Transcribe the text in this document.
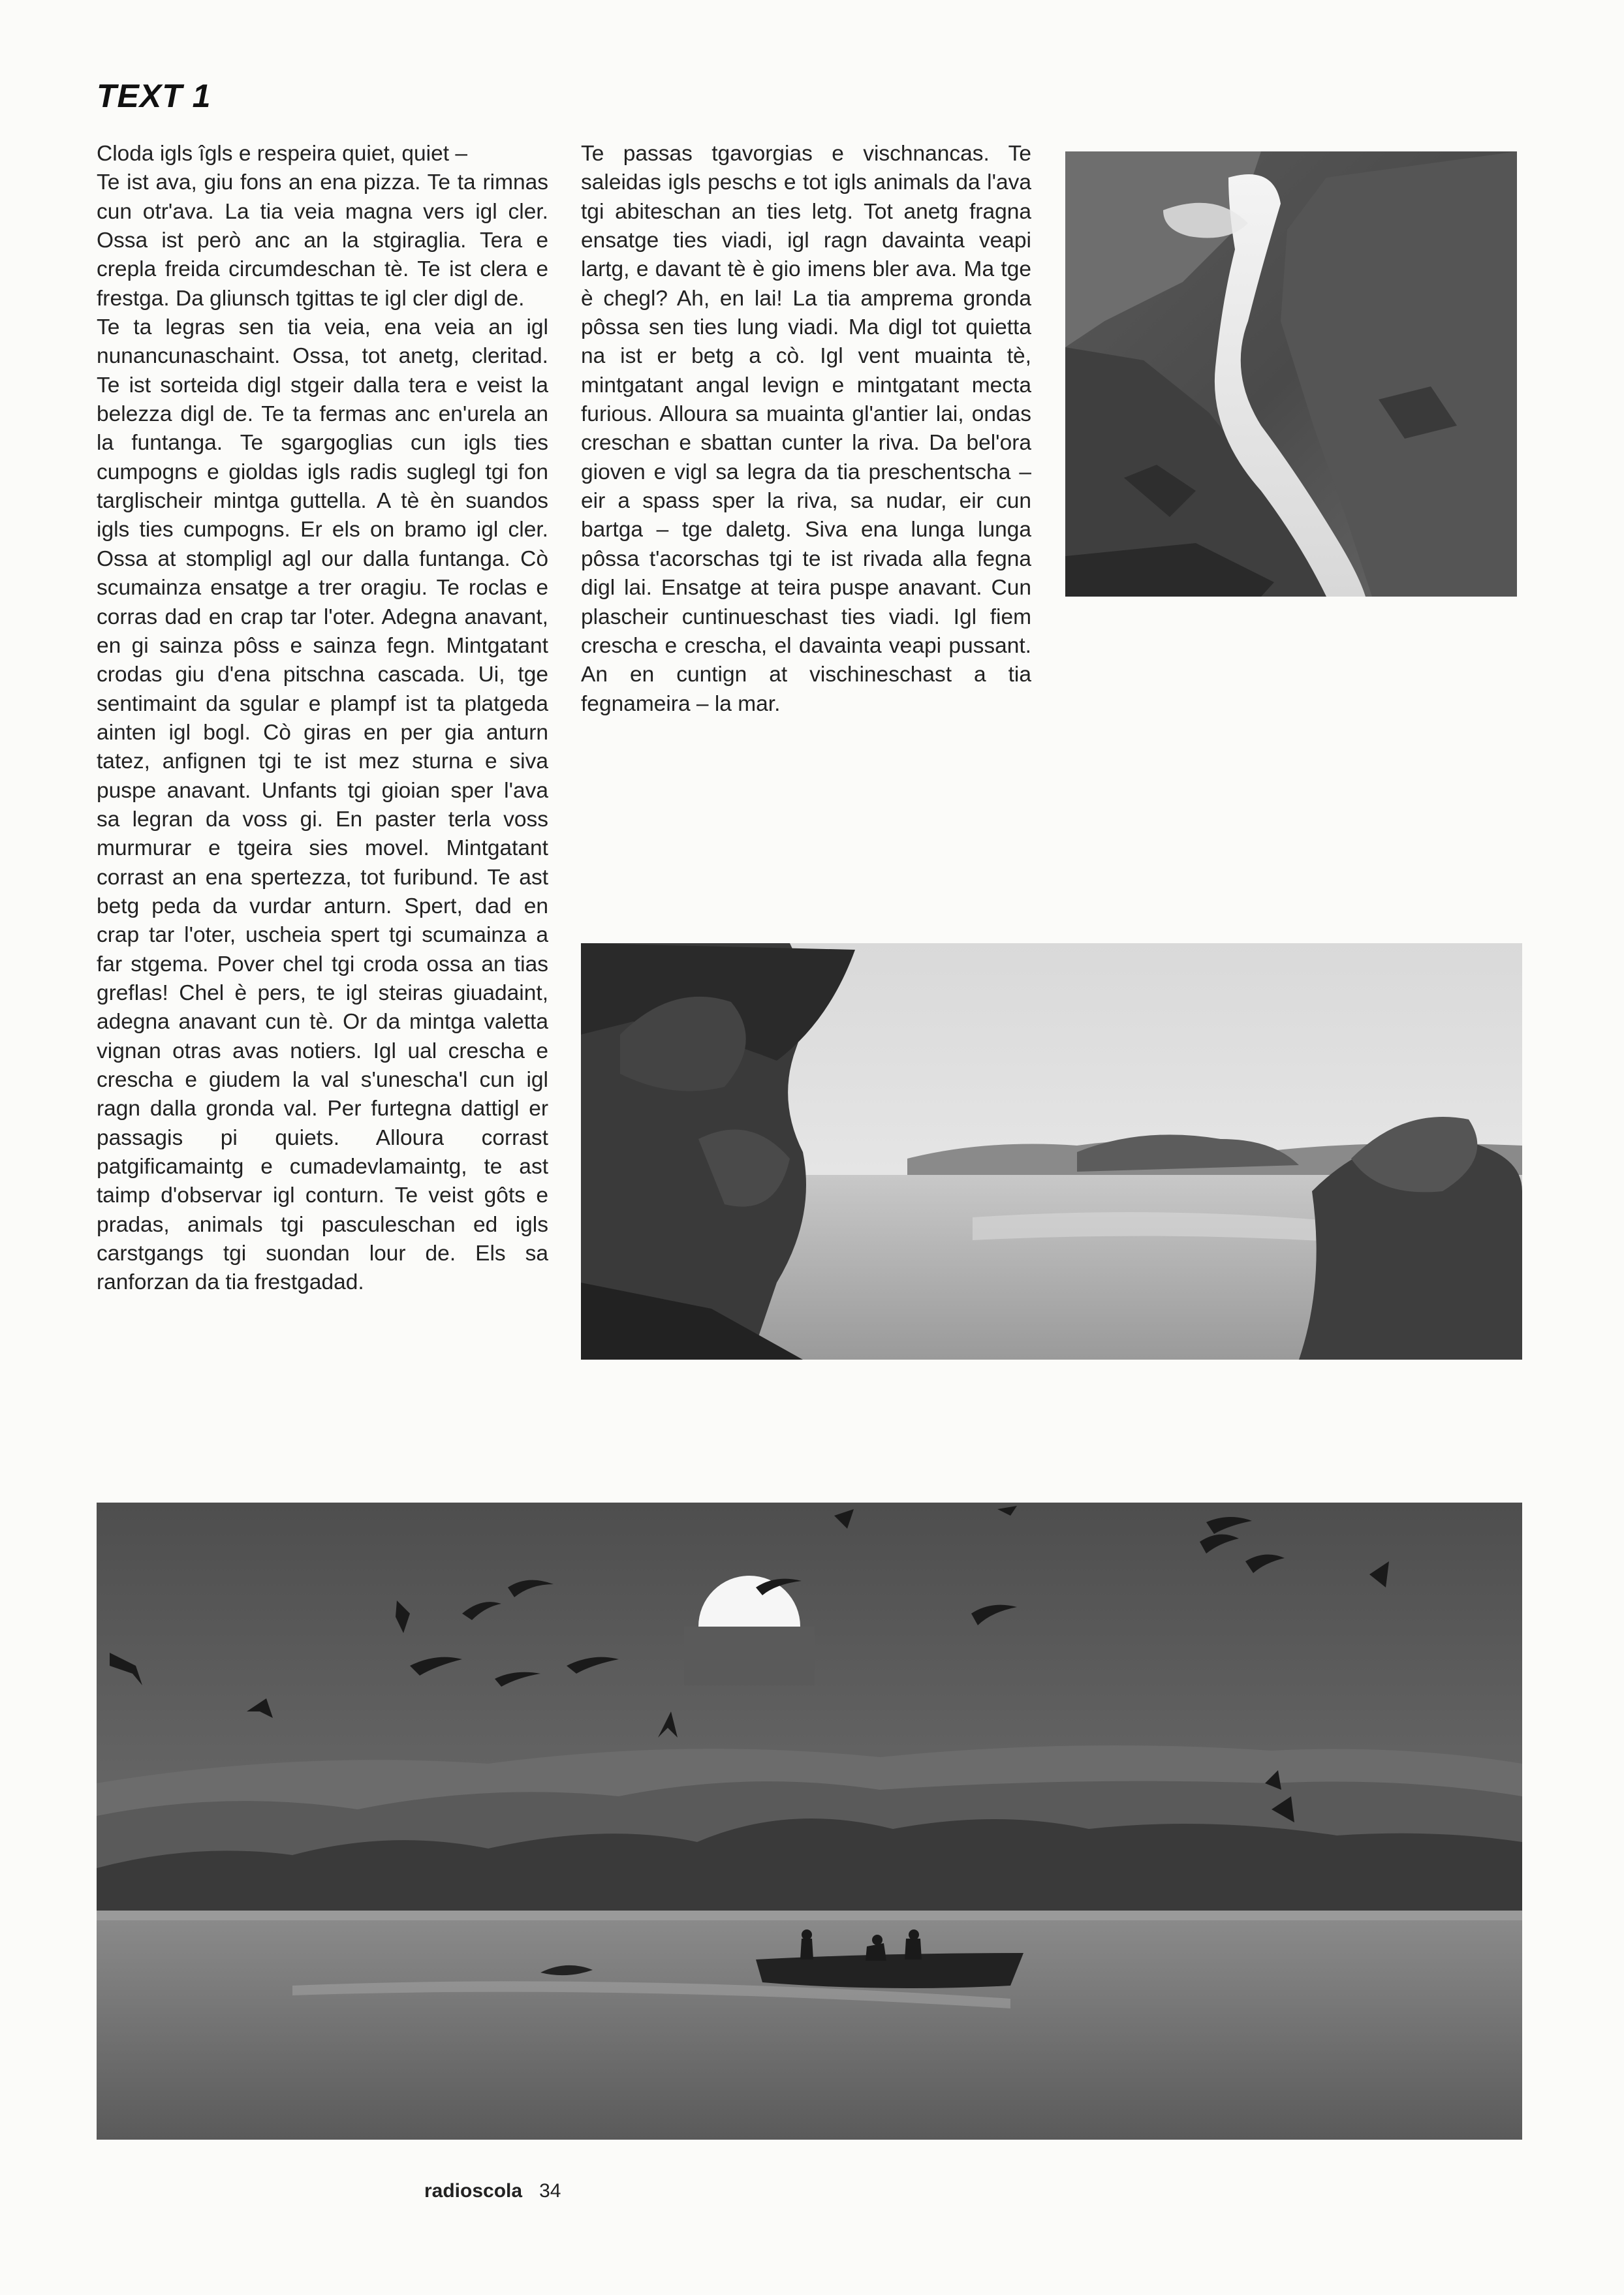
TEXT 1
Cloda igls îgls e respeira quiet, quiet –
Te ist ava, giu fons an ena pizza. Te ta rimnas cun otr'ava. La tia veia magna vers igl cler. Ossa ist però anc an la stgiraglia. Tera e crepla freida circumdeschan tè. Te ist clera e frestga. Da gliunsch tgittas te igl cler digl de.
Te ta legras sen tia veia, ena veia an igl nunancunaschaint. Ossa, tot anetg, cleritad. Te ist sorteida digl stgeir dalla tera e veist la belezza digl de. Te ta fermas anc en'urela an la funtanga. Te sgargoglias cun igls ties cumpogns e gioldas igls radis suglegl tgi fon targlischeir mintga guttella. A tè èn suandos igls ties cumpogns. Er els on bramo igl cler. Ossa at stompligl agl our dalla funtanga. Cò scumainza ensatge a trer oragiu. Te roclas e corras dad en crap tar l'oter. Adegna anavant, en gi sainza pôss e sainza fegn. Mintgatant crodas giu d'ena pitschna cascada. Ui, tge sentimaint da sgular e plampf ist ta platgeda ainten igl bogl. Cò giras en per gia anturn tatez, anfignen tgi te ist mez sturna e siva puspe anavant. Unfants tgi gioian sper l'ava sa legran da voss gi. En paster terla voss murmurar e tgeira sies movel. Mintgatant corrast an ena spertezza, tot furibund. Te ast betg peda da vurdar anturn. Spert, dad en crap tar l'oter, uscheia spert tgi scumainza a far stgema. Pover chel tgi croda ossa an tias greflas! Chel è pers, te igl steiras giuadaint, adegna anavant cun tè. Or da mintga valetta vignan otras avas notiers. Igl ual crescha e crescha e giudem la val s'unescha'l cun igl ragn dalla gronda val. Per furtegna dattigl er passagis pi quiets. Alloura corrast patgificamaintg e cumadevlamaintg, te ast taimp d'observar igl conturn. Te veist gôts e pradas, animals tgi pasculeschan ed igls carstgangs tgi suondan lour de. Els sa ranforzan da tia frestgadad.
Te passas tgavorgias e vischnancas. Te saleidas igls peschs e tot igls animals da l'ava tgi abiteschan an ties letg. Tot anetg fragna ensatge ties viadi, igl ragn davainta veapi lartg, e davant tè è gio imens bler ava. Ma tge è chegl? Ah, en lai! La tia amprema gronda pôssa sen ties lung viadi. Ma digl tot quietta na ist er betg a cò. Igl vent muainta tè, mintgatant angal levign e mintgatant mecta furious. Alloura sa muainta gl'antier lai, ondas creschan e sbattan cunter la riva. Da bel'ora gioven e vigl sa legra da tia preschentscha – eir a spass sper la riva, sa nudar, eir cun bartga – tge daletg. Siva ena lunga lunga pôssa t'acorschas tgi te ist rivada alla fegna digl lai. Ensatge at teira puspe anavant. Cun plascheir cuntinueschast ties viadi. Igl fiem crescha e crescha, el davainta veapi pussant. An en cuntign at vischineschast a tia fegnameira – la mar.
radioscola 34
